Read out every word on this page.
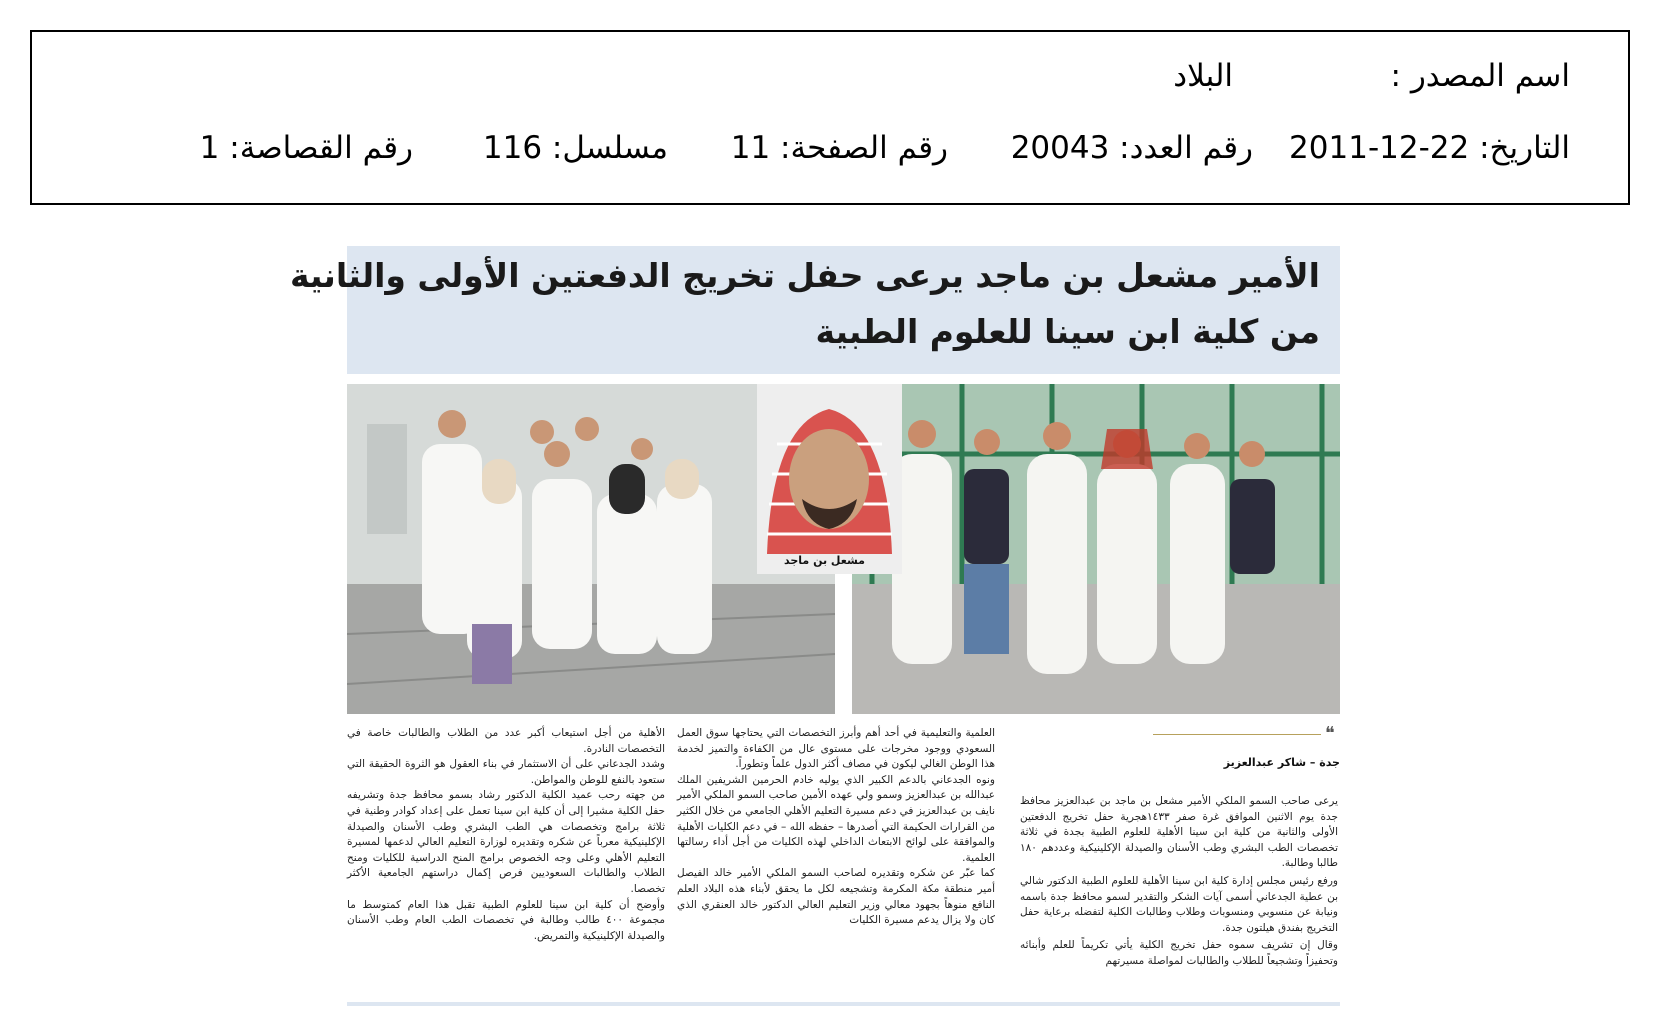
اسم المصدر :
البلاد
التاريخ: 22-12-2011
رقم العدد: 20043
رقم الصفحة: 11
مسلسل: 116
رقم القصاصة: 1
الأمير مشعل بن ماجد يرعى حفل تخريج الدفعتين الأولى والثانية
من كلية ابن سينا للعلوم الطبية
مشعل بن ماجد
❝
جدة – شاكر عبدالعزيز

يرعى صاحب السمو الملكي الأمير مشعل بن ماجد بن عبدالعزيز محافظ جدة يوم الاثنين الموافق غرة صفر ١٤٣٣هجرية حفل تخريج الدفعتين الأولى والثانية من كلية ابن سينا الأهلية للعلوم الطبية بجدة في ثلاثة تخصصات الطب البشري وطب الأسنان والصيدلة الإكلينيكية وعددهم ١٨٠ طالبا وطالبة.

ورفع رئيس مجلس إدارة كلية ابن سينا الأهلية للعلوم الطبية الدكتور شالي بن عطية الجدعاني أسمى آيات الشكر والتقدير لسمو محافظ جدة باسمه ونيابة عن منسوبي ومنسوبات وطلاب وطالبات الكلية لتفضله برعاية حفل التخريج بفندق هيلتون جدة.

وقال إن تشريف سموه حفل تخريج الكلية يأتي تكريماً للعلم وأبنائه وتحفيزاً وتشجيعاً للطلاب والطالبات لمواصلة مسيرتهم

العلمية والتعليمية في أحد أهم وأبرز التخصصات التي يحتاجها سوق العمل السعودي ووجود مخرجات على مستوى عال من الكفاءة والتميز لخدمة هذا الوطن الغالي ليكون في مصاف أكثر الدول علماً وتطوراً.

ونوه الجدعاني بالدعم الكبير الذي يوليه خادم الحرمين الشريفين الملك عبدالله بن عبدالعزيز وسمو ولي عهده الأمين صاحب السمو الملكي الأمير نايف بن عبدالعزيز في دعم مسيرة التعليم الأهلي الجامعي من خلال الكثير من القرارات الحكيمة التي أصدرها – حفظه الله – في دعم الكليات الأهلية والموافقة على لوائح الابتعاث الداخلي لهذه الكليات من أجل أداء رسالتها العلمية.

كما عبّر عن شكره وتقديره لصاحب السمو الملكي الأمير خالد الفيصل أمير منطقة مكة المكرمة وتشجيعه لكل ما يحقق لأبناء هذه البلاد العلم النافع منوهاً بجهود معالي وزير التعليم العالي الدكتور خالد العنقري الذي كان ولا يزال يدعم مسيرة الكليات

الأهلية من أجل استيعاب أكبر عدد من الطلاب والطالبات خاصة في التخصصات النادرة.

وشدد الجدعاني على أن الاستثمار في بناء العقول هو الثروة الحقيقة التي ستعود بالنفع للوطن والمواطن.

من جهته رحب عميد الكلية الدكتور رشاد بسمو محافظ جدة وتشريفه حفل الكلية مشيرا إلى أن كلية ابن سينا تعمل على إعداد كوادر وطنية في ثلاثة برامج وتخصصات هي الطب البشري وطب الأسنان والصيدلة الإكلينيكية معرباً عن شكره وتقديره لوزارة التعليم العالي لدعمها لمسيرة التعليم الأهلي وعلى وجه الخصوص برامج المنح الدراسية للكليات ومنح الطلاب والطالبات السعوديين فرص إكمال دراستهم الجامعية الأكثر تخصصا.

وأوضح أن كلية ابن سينا للعلوم الطبية تقبل هذا العام كمتوسط ما مجموعة ٤٠٠ طالب وطالبة في تخصصات الطب العام وطب الأسنان والصيدلة الإكلينيكية والتمريض.
